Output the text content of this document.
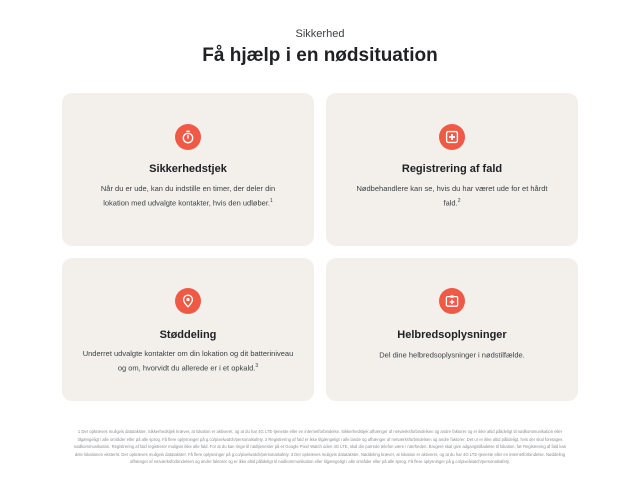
Sikkerhed
Få hjælp i en nødsituation
Sikkerhedstjek
Når du er ude, kan du indstille en timer, der deler din lokation med udvalgte kontakter, hvis den udløber.$^1$
Registrering af fald
Nødbehandlere kan se, hvis du har været ude for et hårdt fald.$^2$
Støddeling
Underret udvalgte kontakter om din lokation og dit batteriniveau og om, hvorvidt du allerede er i et opkald.$^3$
Helbredsoplysninger
Del dine helbredsoplysninger i nødstilfælde.
1 Der opkræves muligvis datatakster. Sikkerhedstjek kræver, at lokation er aktiveret, og at du har 4G LTE-tjeneste eller en internetforbindelse. Sikkerhedstjek afhænger af netværksforbindelsen og andre faktorer og er ikke altid pålideligt til nødkommunikation eller tilgængeligt i alle områder eller på alle sprog. Få flere oplysninger på g.co/pixelwatch/personalsafety. 2 Registrering af fald er ikke tilgængeligt i alle lande og afhænger af netværksforbindelsen og andre faktorer. Det ur er ikke altid pålideligt, hvis der skal foretages nødkommunikation. Registrering af fald registrerer muligvis ikke alle fald. For at du kan ringe til nødtjenester på et Google Pixel Watch uden 4G LTE, skal din parrede telefon være i nærheden. Brugere skal give adgangstilladelse til lokation, før Registrering af fald kan dele lokationen eksternt. Der opkræves muligvis datatakster. Få flere oplysninger på g.co/pixelwatch/personalsafety. 3 Der opkræves muligvis datatakster. Nøddeling kræver, at lokation er aktiveret, og at du har 4G LTE-tjeneste eller en internetforbindelse. Nøddeling afhænger af netværksforbindelsen og andre faktorer og er ikke altid pålideligt til nødkommunikation eller tilgængeligt i alle områder eller på alle sprog. Få flere oplysninger på g.co/pixelwatch/personalsafety.
